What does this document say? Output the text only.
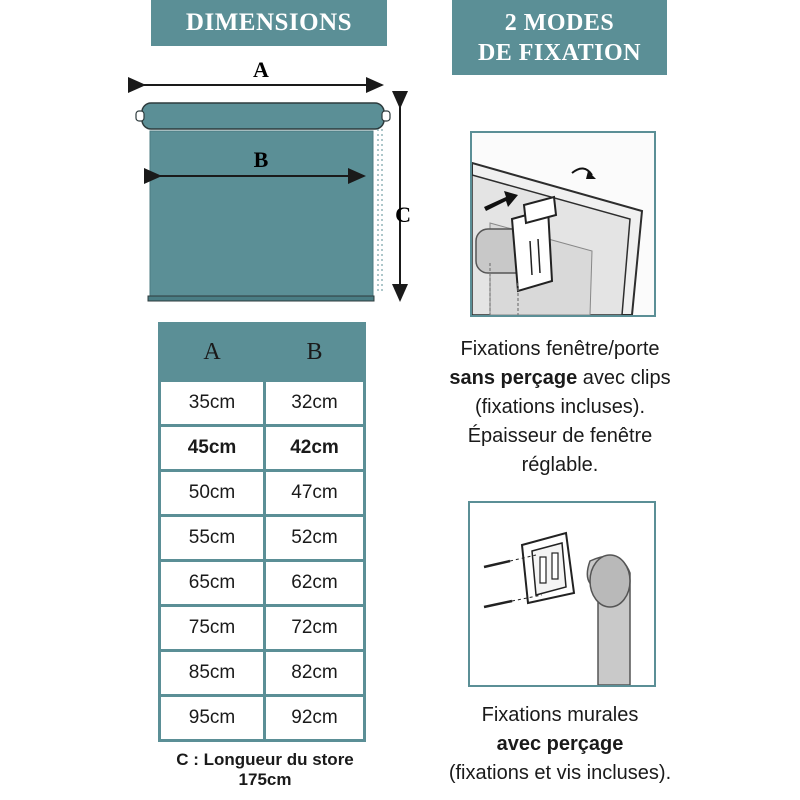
DIMENSIONS	2 MODES
DE FIXATION
A
B
C
A	B
35cm	32cm
45cm	42cm
50cm	47cm
55cm	52cm
65cm	62cm
75cm	72cm
85cm	82cm
95cm	92cm
C : Longueur du store
175cm
Fixations fenêtre/porte
sans perçage avec clips
(fixations incluses).
Épaisseur de fenêtre
réglable.
Fixations murales
avec perçage
(fixations et vis incluses).
